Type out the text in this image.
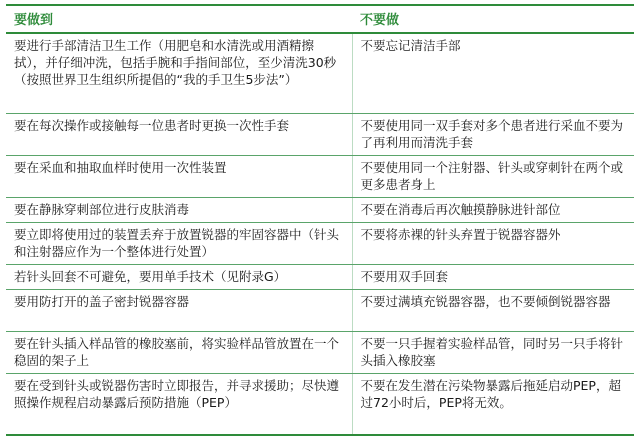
要做到	不要做
要进行手部清洁卫生工作（用肥皂和水清洗或用酒精擦拭），并仔细冲洗，包括手腕和手指间部位，至少清洗30秒（按照世界卫生组织所提倡的“我的手卫生5步法”）	不要忘记清洁手部
要在每次操作或接触每一位患者时更换一次性手套	不要使用同一双手套对多个患者进行采血不要为了再利用而清洗手套
要在采血和抽取血样时使用一次性装置	不要使用同一个注射器、针头或穿刺针在两个或更多患者身上
要在静脉穿刺部位进行皮肤消毒	不要在消毒后再次触摸静脉进针部位
要立即将使用过的装置丢弃于放置锐器的牢固容器中（针头和注射器应作为一个整体进行处置）	不要将赤裸的针头弃置于锐器容器外
若针头回套不可避免，要用单手技术（见附录G）	不要用双手回套
要用防打开的盖子密封锐器容器	不要过满填充锐器容器，也不要倾倒锐器容器
要在针头插入样品管的橡胶塞前，将实验样品管放置在一个稳固的架子上	不要一只手握着实验样品管，同时另一只手将针头插入橡胶塞
要在受到针头或锐器伤害时立即报告，并寻求援助；尽快遵照操作规程启动暴露后预防措施（PEP）	不要在发生潜在污染物暴露后拖延启动PEP，超过72小时后，PEP将无效。
